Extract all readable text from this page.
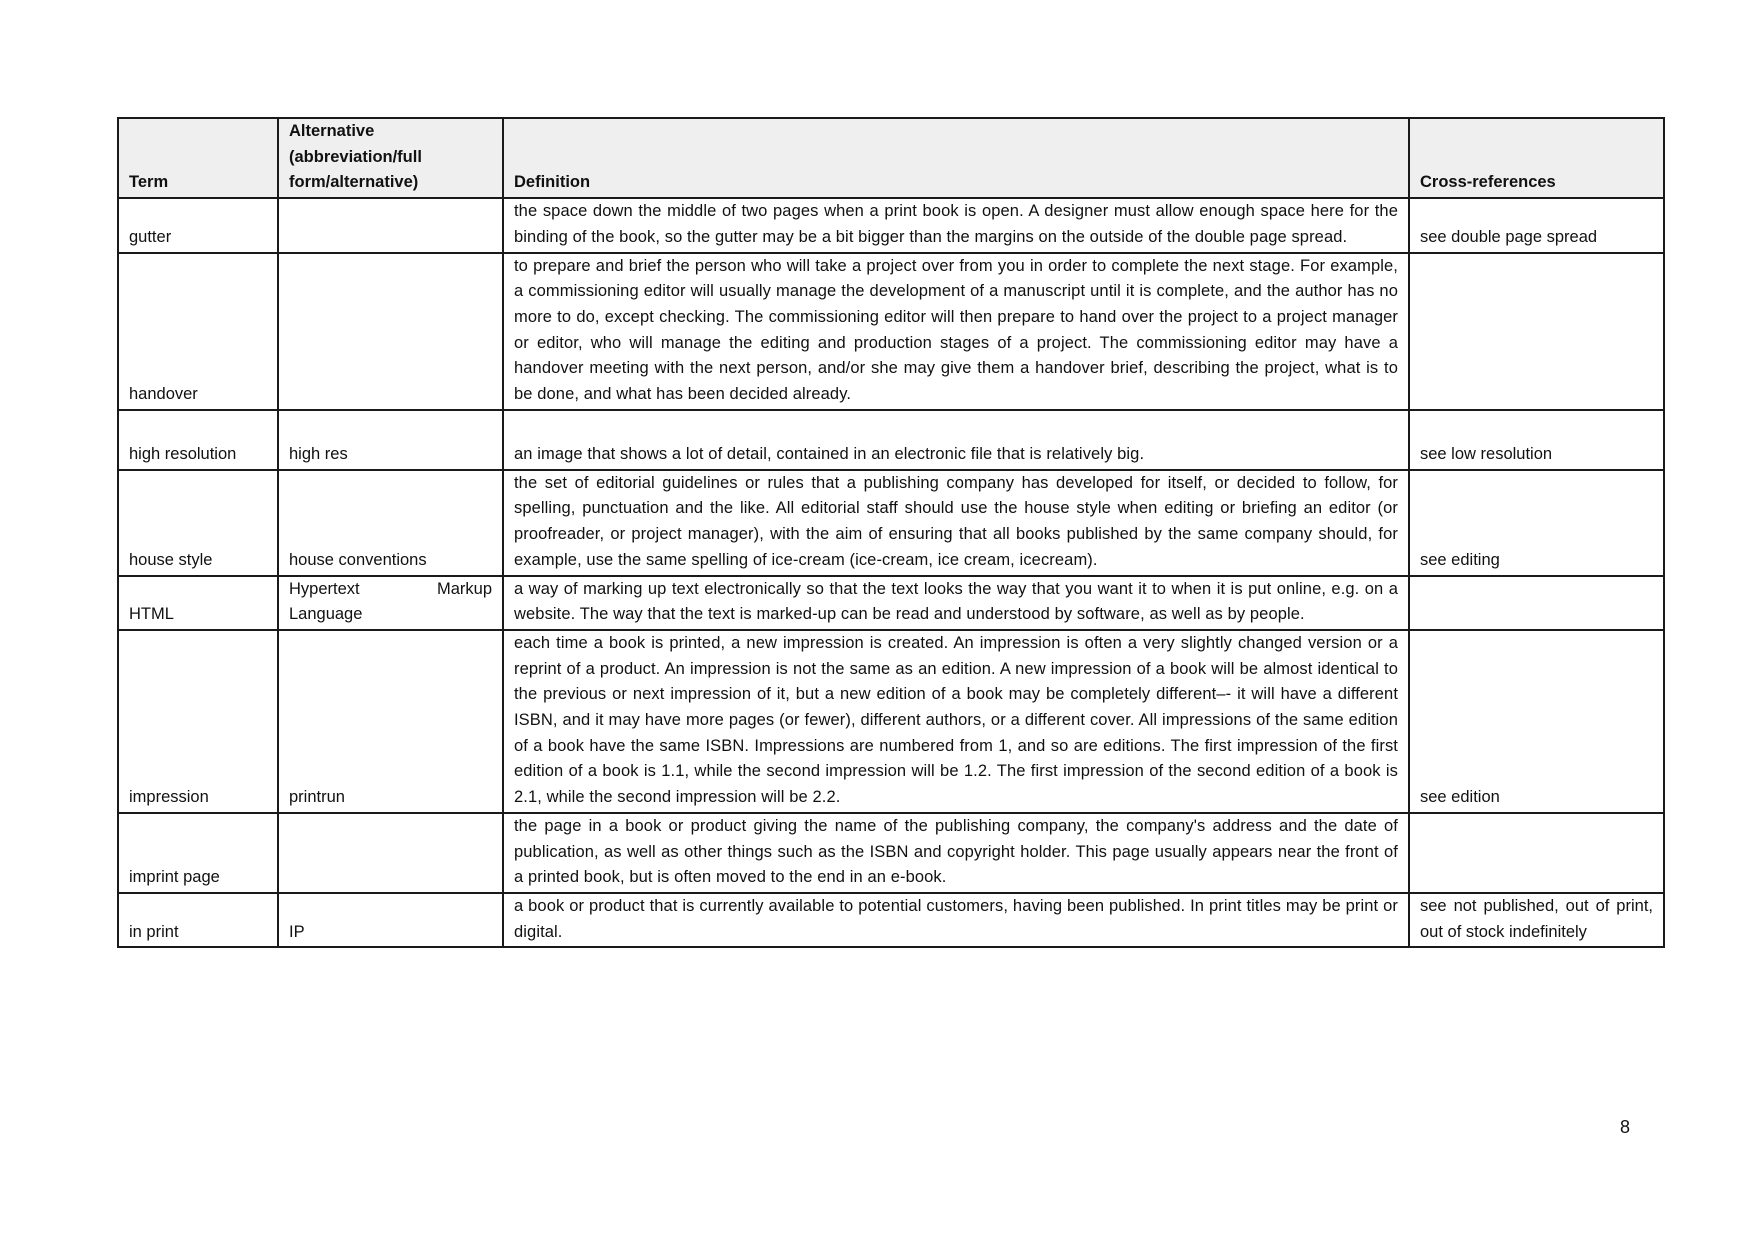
Term	Alternative (abbreviation/full form/alternative)	Definition	Cross-references
gutter		the space down the middle of two pages when a print book is open. A designer must allow enough space here for the binding of the book, so the gutter may be a bit bigger than the margins on the outside of the double page spread.	see double page spread
handover		to prepare and brief the person who will take a project over from you in order to complete the next stage. For example, a commissioning editor will usually manage the development of a manuscript until it is complete, and the author has no more to do, except checking. The commissioning editor will then prepare to hand over the project to a project manager or editor, who will manage the editing and production stages of a project. The commissioning editor may have a handover meeting with the next person, and/or she may give them a handover brief, describing the project, what is to be done, and what has been decided already.	
high resolution	high res	an image that shows a lot of detail, contained in an electronic file that is relatively big.	see low resolution
house style	house conventions	the set of editorial guidelines or rules that a publishing company has developed for itself, or decided to follow, for spelling, punctuation and the like. All editorial staff should use the house style when editing or briefing an editor (or proofreader, or project manager), with the aim of ensuring that all books published by the same company should, for example, use the same spelling of ice-cream (ice-cream, ice cream, icecream).	see editing
HTML	Hypertext Markup Language	a way of marking up text electronically so that the text looks the way that you want it to when it is put online, e.g. on a website. The way that the text is marked-up can be read and understood by software, as well as by people.	
impression	printrun	each time a book is printed, a new impression is created. An impression is often a very slightly changed version or a reprint of a product. An impression is not the same as an edition. A new impression of a book will be almost identical to the previous or next impression of it, but a new edition of a book may be completely different–- it will have a different ISBN, and it may have more pages (or fewer), different authors, or a different cover. All impressions of the same edition of a book have the same ISBN. Impressions are numbered from 1, and so are editions. The first impression of the first edition of a book is 1.1, while the second impression will be 1.2. The first impression of the second edition of a book is 2.1, while the second impression will be 2.2.	see edition
imprint page		the page in a book or product giving the name of the publishing company, the company's address and the date of publication, as well as other things such as the ISBN and copyright holder. This page usually appears near the front of a printed book, but is often moved to the end in an e-book.	
in print	IP	a book or product that is currently available to potential customers, having been published. In print titles may be print or digital.	see not published, out of print, out of stock indefinitely
8
